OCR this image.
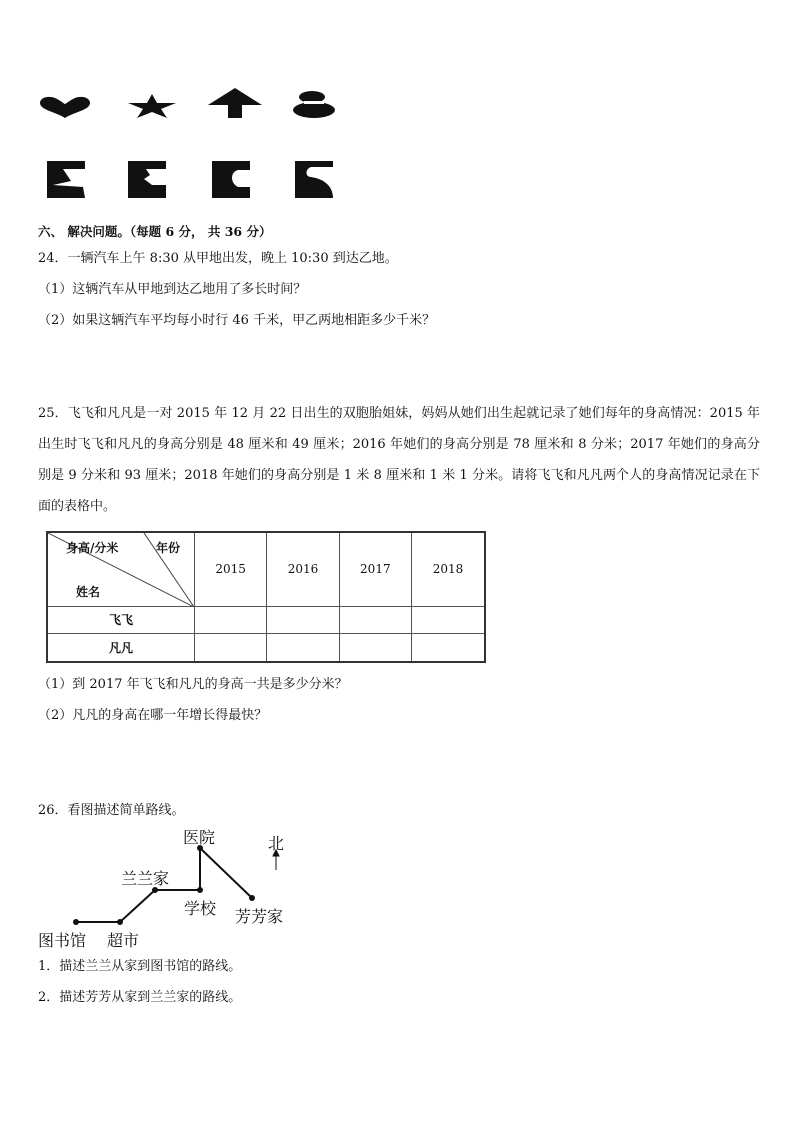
六、 解决问题。（每题 6 分， 共 36 分）
24．一辆汽车上午 8:30 从甲地出发，晚上 10:30 到达乙地。
（1）这辆汽车从甲地到达乙地用了多长时间？
（2）如果这辆汽车平均每小时行 46 千米，甲乙两地相距多少千米？
25．飞飞和凡凡是一对 2015 年 12 月 22 日出生的双胞胎姐妹，妈妈从她们出生起就记录了她们每年的身高情况：2015 年出生时飞飞和凡凡的身高分别是 48 厘米和 49 厘米；2016 年她们的身高分别是 78 厘米和 8 分米；2017 年她们的身高分别是 9 分米和 93 厘米；2018 年她们的身高分别是 1 米 8 厘米和 1 米 1 分米。请将飞飞和凡凡两个人的身高情况记录在下面的表格中。
身高/分米 年份
姓名	2015	2016	2017	2018
飞飞				
凡凡				
（1）到 2017 年飞飞和凡凡的身高一共是多少分米？
（2）凡凡的身高在哪一年增长得最快？
26．看图描述简单路线。
北
医院
兰兰家
学校 芳芳家
图书馆 超市
1．描述兰兰从家到图书馆的路线。
2．描述芳芳从家到兰兰家的路线。
